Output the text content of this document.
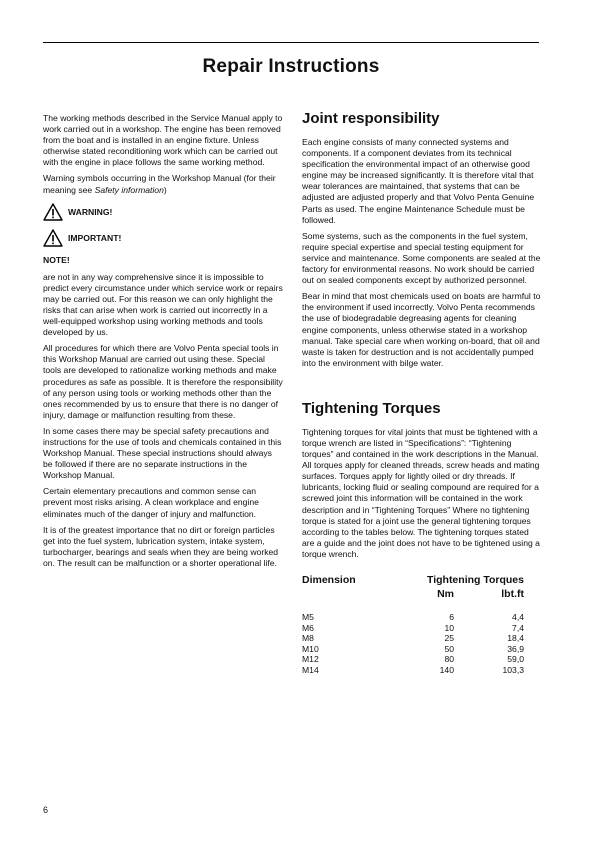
Repair Instructions

The working methods described in the Service Manual apply to work carried out in a workshop. The engine has been removed from the boat and is installed in an engine fixture. Unless otherwise stated reconditioning work which can be carried out with the engine in place follows the same working method.

Warning symbols occurring in the Workshop Manual (for their meaning see Safety information)

WARNING!
IMPORTANT!
NOTE!

are not in any way comprehensive since it is impossible to predict every circumstance under which service work or repairs may be carried out. For this reason we can only highlight the risks that can arise when work is carried out incorrectly in a well-equipped workshop using working methods and tools developed by us.

All procedures for which there are Volvo Penta special tools in this Workshop Manual are carried out using these. Special tools are developed to rationalize working methods and make procedures as safe as possible. It is therefore the responsibility of any person using tools or working methods other than the ones recommended by us to ensure that there is no danger of injury, damage or malfunction resulting from these.

In some cases there may be special safety precautions and instructions for the use of tools and chemicals contained in this Workshop Manual. These special instructions should always be followed if there are no separate instructions in the Workshop Manual.

Certain elementary precautions and common sense can prevent most risks arising. A clean workplace and engine eliminates much of the danger of injury and malfunction.

It is of the greatest importance that no dirt or foreign particles get into the fuel system, lubrication system, intake system, turbocharger, bearings and seals when they are being worked on. The result can be malfunction or a shorter operational life.

Joint responsibility

Each engine consists of many connected systems and components. If a component deviates from its technical specification the environmental impact of an otherwise good engine may be increased significantly. It is therefore vital that wear tolerances are maintained, that systems that can be adjusted are adjusted properly and that Volvo Penta Genuine Parts as used. The engine Maintenance Schedule must be followed.

Some systems, such as the components in the fuel system, require special expertise and special testing equipment for service and maintenance. Some components are sealed at the factory for environmental reasons. No work should be carried out on sealed components except by authorized personnel.

Bear in mind that most chemicals used on boats are harmful to the environment if used incorrectly. Volvo Penta recommends the use of biodegradable degreasing agents for cleaning engine components, unless otherwise stated in a workshop manual. Take special care when working on-board, that oil and waste is taken for destruction and is not accidentally pumped into the environment with bilge water.

Tightening Torques

Tightening torques for vital joints that must be tightened with a torque wrench are listed in “Specifications”: “Tightening torques” and contained in the work descriptions in the Manual. All torques apply for cleaned threads, screw heads and mating surfaces. Torques apply for lightly oiled or dry threads. If lubricants, locking fluid or sealing compound are required for a screwed joint this information will be contained in the work description and in “Tightening Torques” Where no tightening torque is stated for a joint use the general tightening torques according to the tables below. The tightening torques stated are a guide and the joint does not have to be tightened using a torque wrench.

Dimension	Tightening Torques	
	Nm	lbt.ft
M5	6	4,4
M6	10	7,4
M8	25	18,4
M10	50	36,9
M12	80	59,0
M14	140	103,3
6
